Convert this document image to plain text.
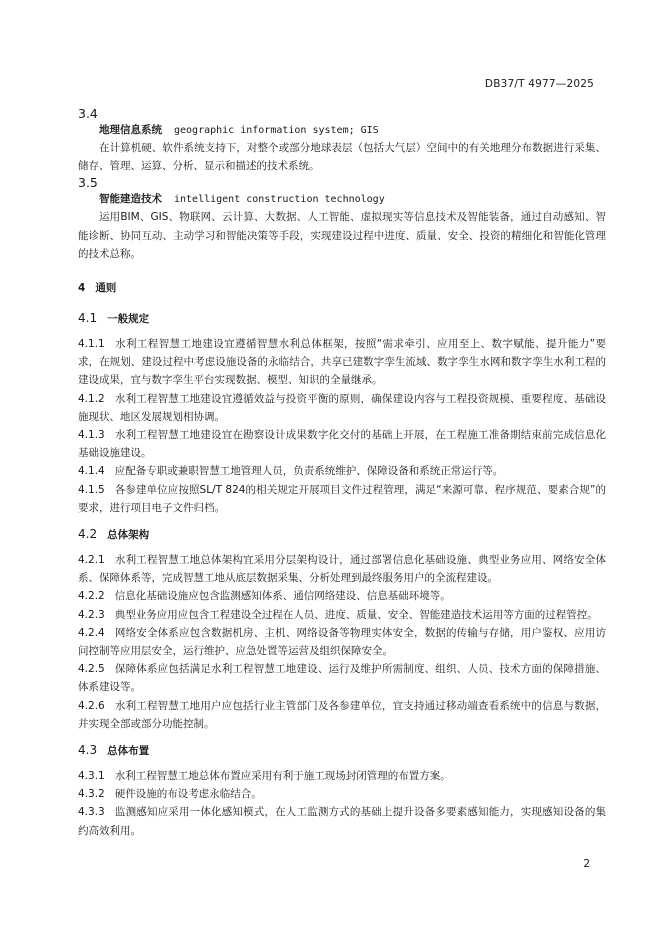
DB37/T 4977—2025
3.4
地理信息系统 geographic information system; GIS

在计算机硬、软件系统支持下，对整个或部分地球表层（包括大气层）空间中的有关地理分布数据进行采集、储存、管理、运算、分析、显示和描述的技术系统。

3.5
智能建造技术 intelligent construction technology

运用BIM、GIS、物联网、云计算、大数据、人工智能、虚拟现实等信息技术及智能装备，通过自动感知、智能诊断、协同互动、主动学习和智能决策等手段，实现建设过程中进度、质量、安全、投资的精细化和智能化管理的技术总称。

4 通则
4.1 一般规定

4.1.1 水利工程智慧工地建设宜遵循智慧水利总体框架，按照“需求牵引、应用至上、数字赋能、提升能力”要求，在规划、建设过程中考虑设施设备的永临结合，共享已建数字孪生流域、数字孪生水网和数字孪生水利工程的建设成果，宜与数字孪生平台实现数据、模型、知识的全量继承。

4.1.2 水利工程智慧工地建设宜遵循效益与投资平衡的原则，确保建设内容与工程投资规模、重要程度、基础设施现状、地区发展规划相协调。

4.1.3 水利工程智慧工地建设宜在勘察设计成果数字化交付的基础上开展，在工程施工准备期结束前完成信息化基础设施建设。

4.1.4 应配备专职或兼职智慧工地管理人员，负责系统维护、保障设备和系统正常运行等。

4.1.5 各参建单位应按照SL/T 824的相关规定开展项目文件过程管理，满足“来源可靠、程序规范、要素合规”的要求，进行项目电子文件归档。

4.2 总体架构

4.2.1 水利工程智慧工地总体架构宜采用分层架构设计，通过部署信息化基础设施、典型业务应用、网络安全体系、保障体系等，完成智慧工地从底层数据采集、分析处理到最终服务用户的全流程建设。

4.2.2 信息化基础设施应包含监测感知体系、通信网络建设、信息基础环境等。

4.2.3 典型业务应用应包含工程建设全过程在人员、进度、质量、安全、智能建造技术运用等方面的过程管控。

4.2.4 网络安全体系应包含数据机房、主机、网络设备等物理实体安全，数据的传输与存储，用户鉴权、应用访问控制等应用层安全，运行维护、应急处置等运营及组织保障安全。

4.2.5 保障体系应包括满足水利工程智慧工地建设、运行及维护所需制度、组织、人员、技术方面的保障措施、体系建设等。

4.2.6 水利工程智慧工地用户应包括行业主管部门及各参建单位，宜支持通过移动端查看系统中的信息与数据，并实现全部或部分功能控制。

4.3 总体布置

4.3.1 水利工程智慧工地总体布置应采用有利于施工现场封闭管理的布置方案。

4.3.2 硬件设施的布设考虑永临结合。

4.3.3 监测感知应采用一体化感知模式，在人工监测方式的基础上提升设备多要素感知能力，实现感知设备的集约高效利用。

2
